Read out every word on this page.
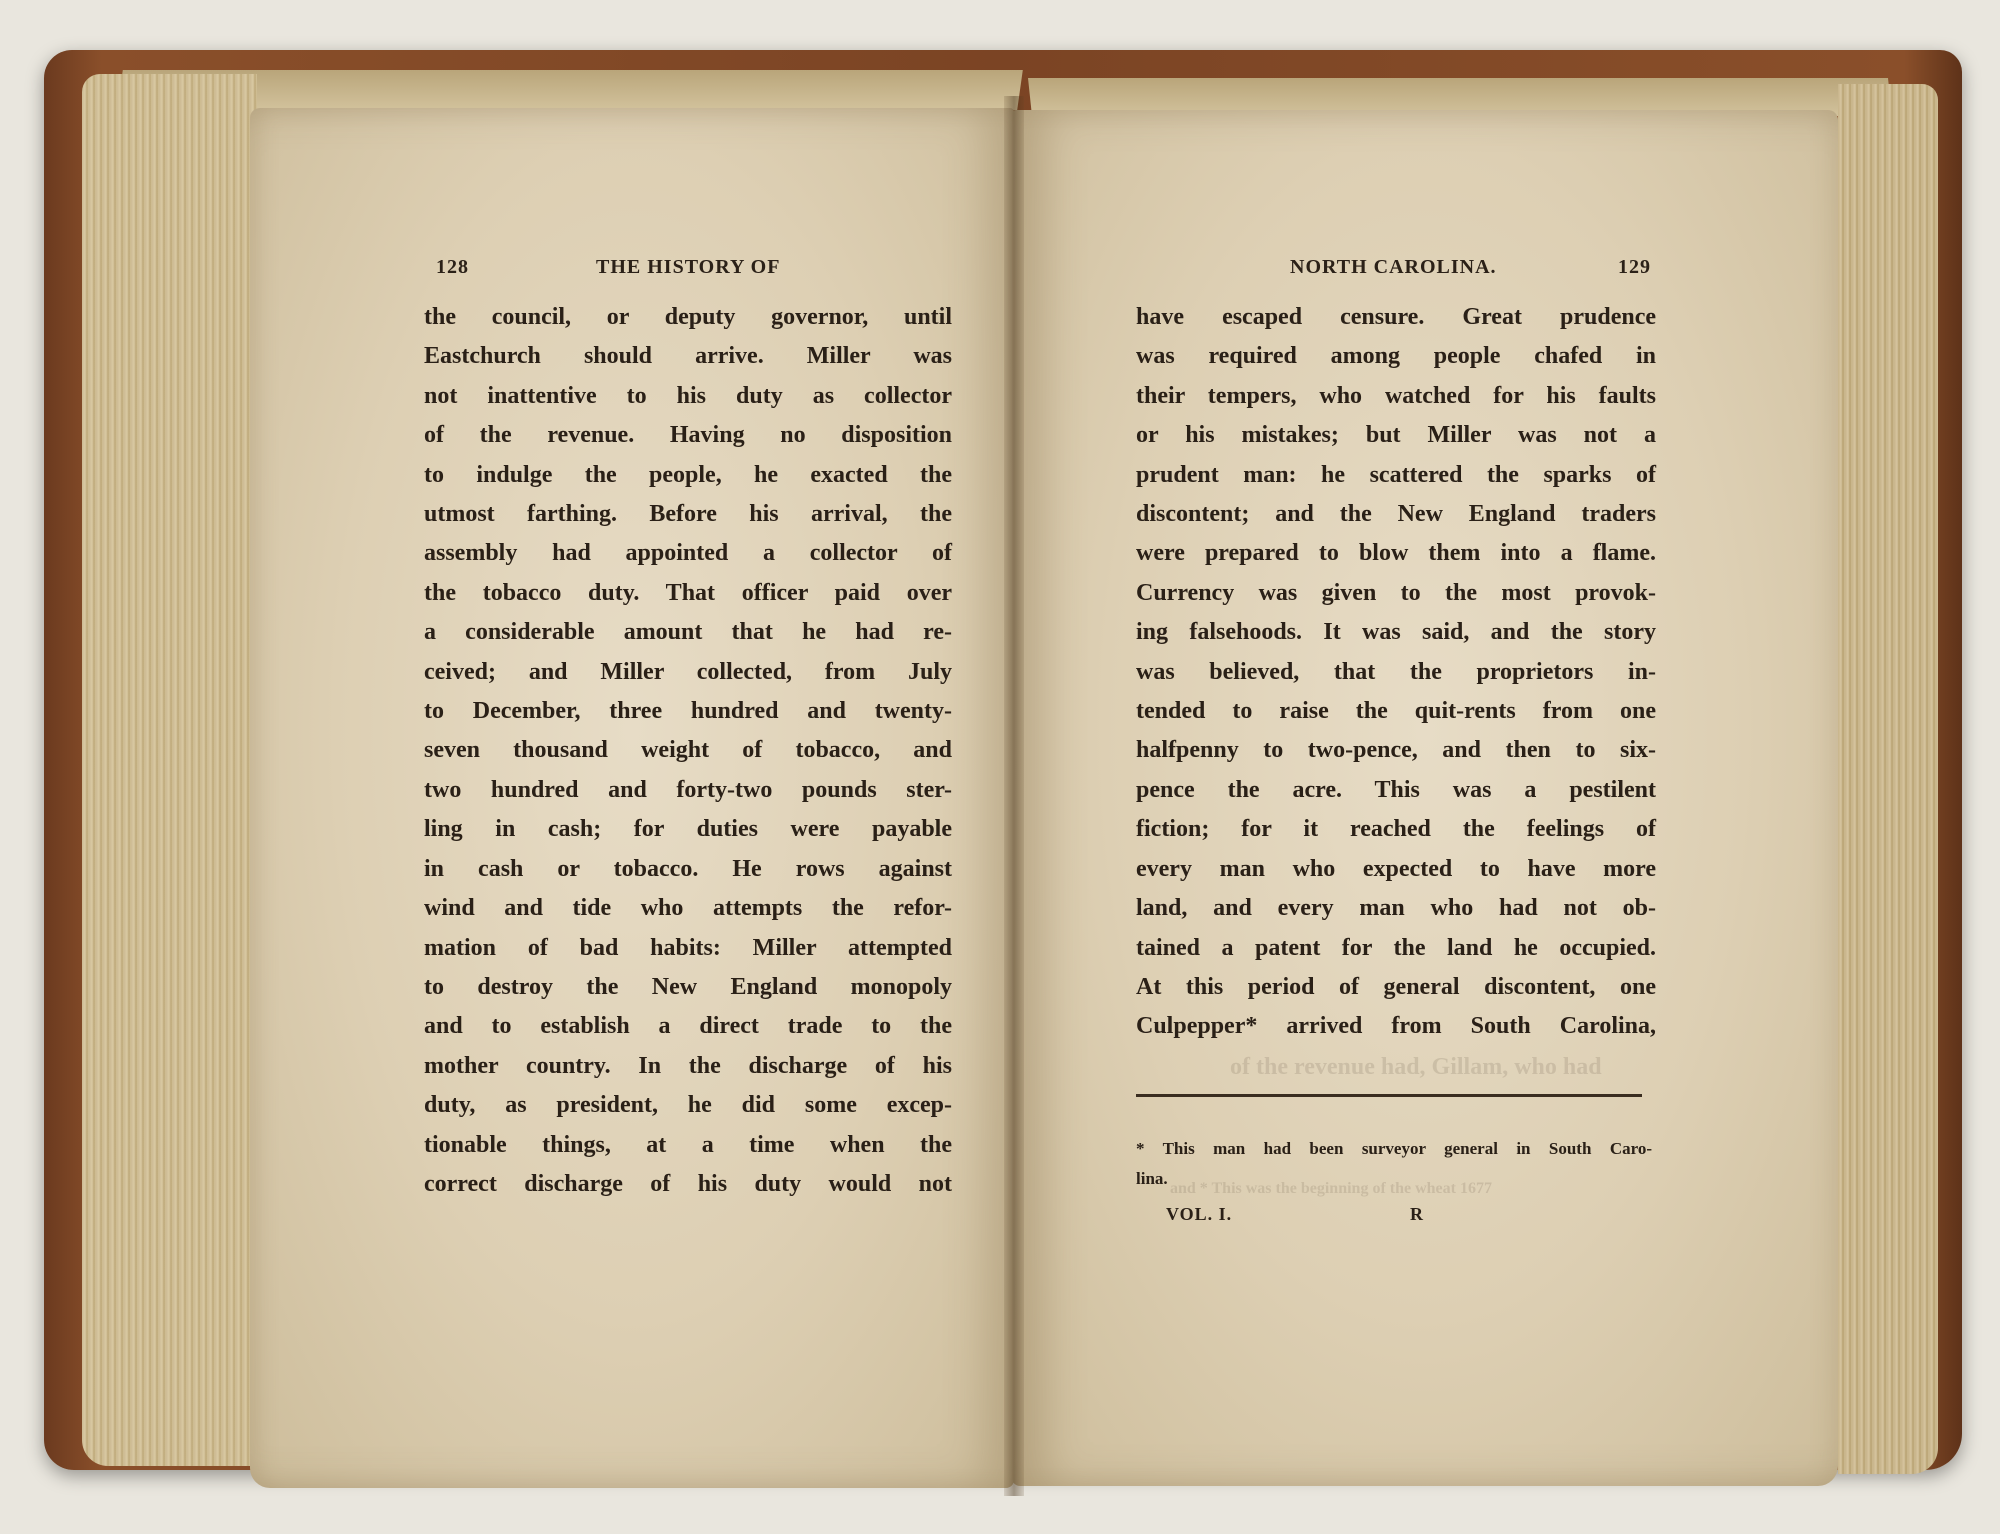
of the revenue had, Gillam, who had
and * This was the beginning of the wheat 1677
128	THE HISTORY OF	NORTH CAROLINA.	129
the council, or deputy governor, until
Eastchurch should arrive. Miller was
not inattentive to his duty as collector
of the revenue. Having no disposition
to indulge the people, he exacted the
utmost farthing. Before his arrival, the
assembly had appointed a collector of
the tobacco duty. That officer paid over
a considerable amount that he had re-
ceived; and Miller collected, from July
to December, three hundred and twenty-
seven thousand weight of tobacco, and
two hundred and forty-two pounds ster-
ling in cash; for duties were payable
in cash or tobacco. He rows against
wind and tide who attempts the refor-
mation of bad habits: Miller attempted
to destroy the New England monopoly
and to establish a direct trade to the
mother country. In the discharge of his
duty, as president, he did some excep-
tionable things, at a time when the
correct discharge of his duty would not
have escaped censure. Great prudence
was required among people chafed in
their tempers, who watched for his faults
or his mistakes; but Miller was not a
prudent man: he scattered the sparks of
discontent; and the New England traders
were prepared to blow them into a flame.
Currency was given to the most provok-
ing falsehoods. It was said, and the story
was believed, that the proprietors in-
tended to raise the quit-rents from one
halfpenny to two-pence, and then to six-
pence the acre. This was a pestilent
fiction; for it reached the feelings of
every man who expected to have more
land, and every man who had not ob-
tained a patent for the land he occupied.
At this period of general discontent, one
Culpepper* arrived from South Carolina,
* This man had been surveyor general in South Caro-
lina.
VOL. I.	R
